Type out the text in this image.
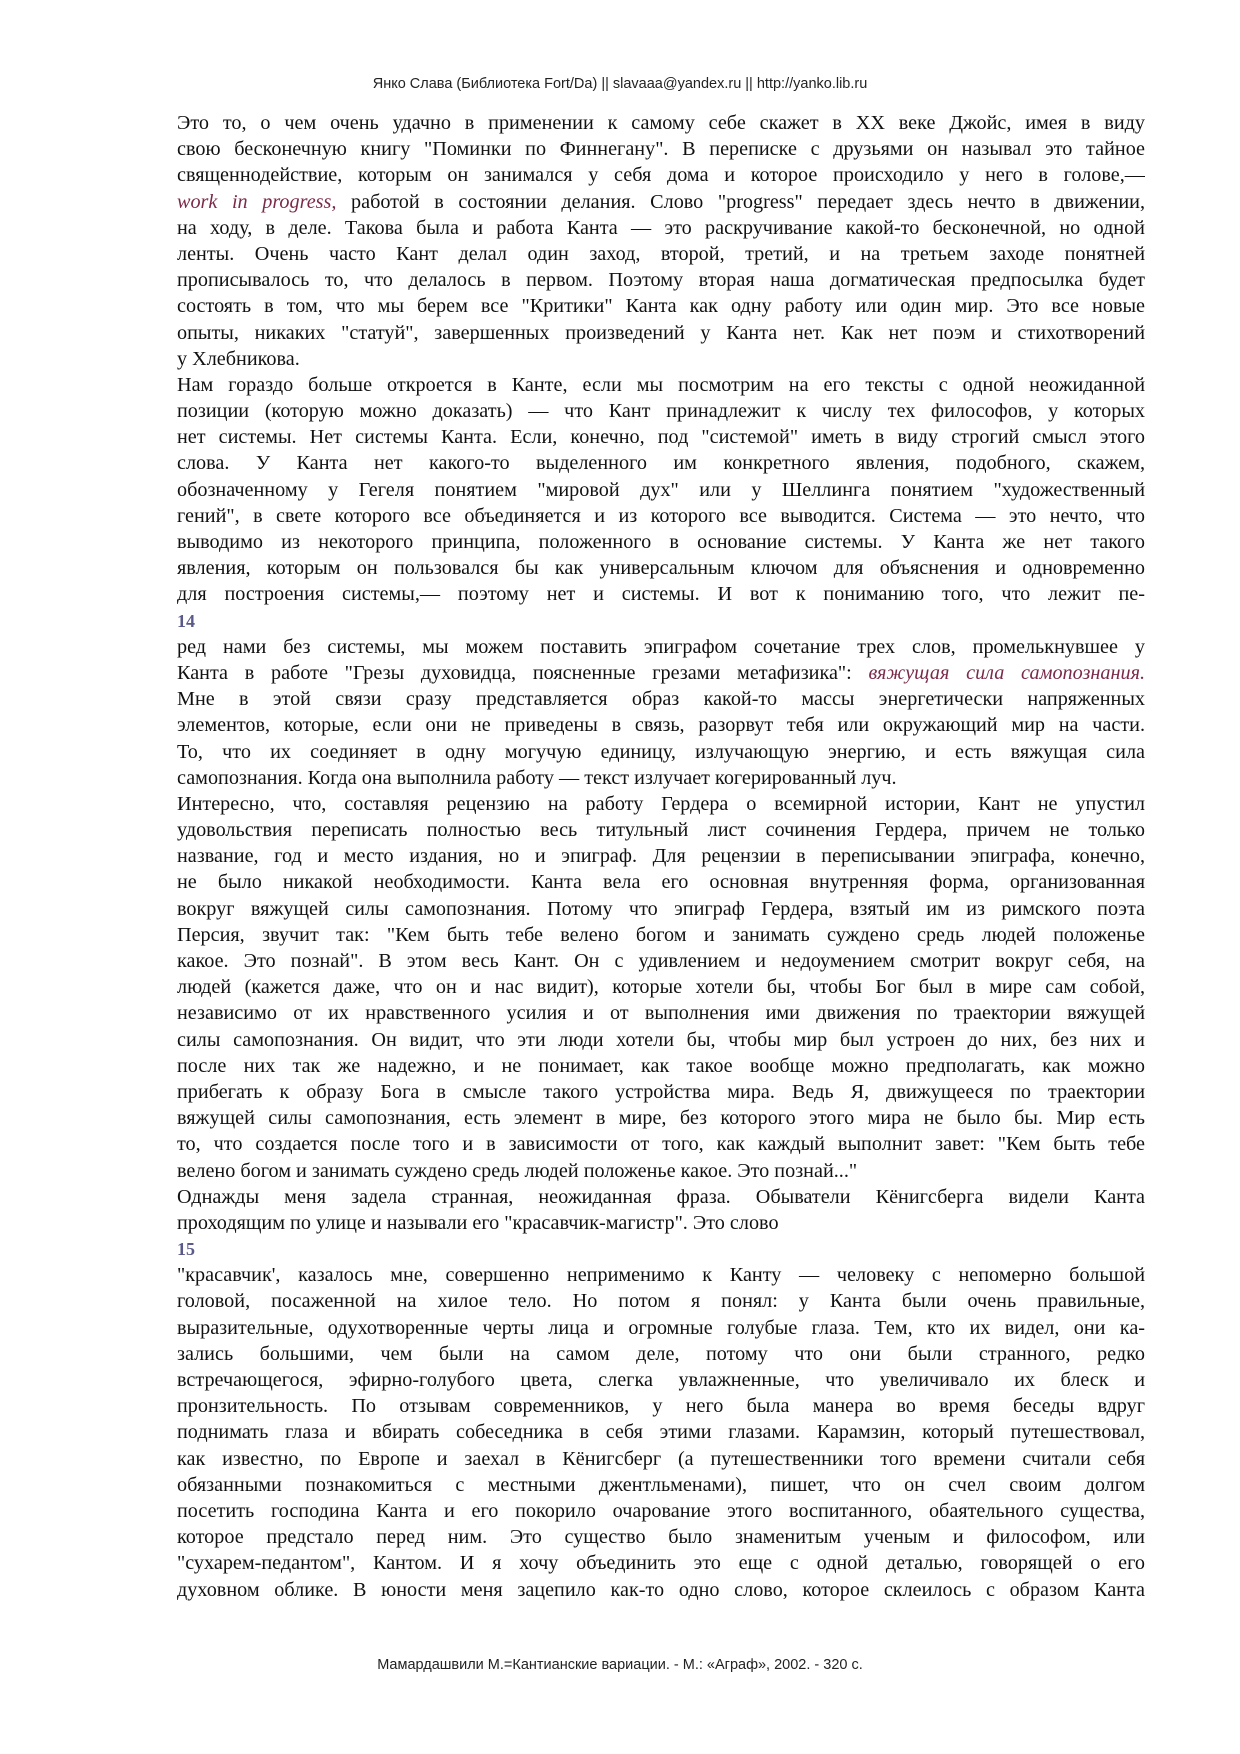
Янко Слава (Библиотека Fort/Da) || slavaaa@yandex.ru || http://yanko.lib.ru
Это то, о чем очень удачно в применении к самому себе скажет в XX веке Джойс, имея в виду
свою бесконечную книгу "Поминки по Финнегану". В переписке с друзьями он называл это тайное
священнодействие, которым он занимался у себя дома и которое происходило у него в голове,—
work in progress, работой в состоянии делания. Слово "progress" передает здесь нечто в движении,
на ходу, в деле. Такова была и работа Канта — это раскручивание какой-то бесконечной, но одной
ленты. Очень часто Кант делал один заход, второй, третий, и на третьем заходе понятней
прописывалось то, что делалось в первом. Поэтому вторая наша догматическая предпосылка будет
состоять в том, что мы берем все "Критики" Канта как одну работу или один мир. Это все новые
опыты, никаких "статуй", завершенных произведений у Канта нет. Как нет поэм и стихотворений
у Хлебникова.
Нам гораздо больше откроется в Канте, если мы посмотрим на его тексты с одной неожиданной
позиции (которую можно доказать) — что Кант принадлежит к числу тех философов, у которых
нет системы. Нет системы Канта. Если, конечно, под "системой" иметь в виду строгий смысл этого
слова. У Канта нет какого-то выделенного им конкретного явления, подобного, скажем,
обозначенному у Гегеля понятием "мировой дух" или у Шеллинга понятием "художественный
гений", в свете которого все объединяется и из которого все выводится. Система — это нечто, что
выводимо из некоторого принципа, положенного в основание системы. У Канта же нет такого
явления, которым он пользовался бы как универсальным ключом для объяснения и одновременно
для построения системы,— поэтому нет и системы. И вот к пониманию того, что лежит пе-
14
ред нами без системы, мы можем поставить эпиграфом сочетание трех слов, промелькнувшее у
Канта в работе "Грезы духовидца, поясненные грезами метафизика": вяжущая сила самопознания.
Мне в этой связи сразу представляется образ какой-то массы энергетически напряженных
элементов, которые, если они не приведены в связь, разорвут тебя или окружающий мир на части.
То, что их соединяет в одну могучую единицу, излучающую энергию, и есть вяжущая сила
самопознания. Когда она выполнила работу — текст излучает когерированный луч.
Интересно, что, составляя рецензию на работу Гердера о всемирной истории, Кант не упустил
удовольствия переписать полностью весь титульный лист сочинения Гердера, причем не только
название, год и место издания, но и эпиграф. Для рецензии в переписывании эпиграфа, конечно,
не было никакой необходимости. Канта вела его основная внутренняя форма, организованная
вокруг вяжущей силы самопознания. Потому что эпиграф Гердера, взятый им из римского поэта
Персия, звучит так: "Кем быть тебе велено богом и занимать суждено средь людей положенье
какое. Это познай". В этом весь Кант. Он с удивлением и недоумением смотрит вокруг себя, на
людей (кажется даже, что он и нас видит), которые хотели бы, чтобы Бог был в мире сам собой,
независимо от их нравственного усилия и от выполнения ими движения по траектории вяжущей
силы самопознания. Он видит, что эти люди хотели бы, чтобы мир был устроен до них, без них и
после них так же надежно, и не понимает, как такое вообще можно предполагать, как можно
прибегать к образу Бога в смысле такого устройства мира. Ведь Я, движущееся по траектории
вяжущей силы самопознания, есть элемент в мире, без которого этого мира не было бы. Мир есть
то, что создается после того и в зависимости от того, как каждый выполнит завет: "Кем быть тебе
велено богом и занимать суждено средь людей положенье какое. Это познай..."
Однажды меня задела странная, неожиданная фраза. Обыватели Кёнигсберга видели Канта
проходящим по улице и называли его "красавчик-магистр". Это слово
15
"красавчик', казалось мне, совершенно неприменимо к Канту — человеку с непомерно большой
головой, посаженной на хилое тело. Но потом я понял: у Канта были очень правильные,
выразительные, одухотворенные черты лица и огромные голубые глаза. Тем, кто их видел, они ка-
зались большими, чем были на самом деле, потому что они были странного, редко
встречающегося, эфирно-голубого цвета, слегка увлажненные, что увеличивало их блеск и
пронзительность. По отзывам современников, у него была манера во время беседы вдруг
поднимать глаза и вбирать собеседника в себя этими глазами. Карамзин, который путешествовал,
как известно, по Европе и заехал в Кёнигсберг (а путешественники того времени считали себя
обязанными познакомиться с местными джентльменами), пишет, что он счел своим долгом
посетить господина Канта и его покорило очарование этого воспитанного, обаятельного существа,
которое предстало перед ним. Это существо было знаменитым ученым и философом, или
"сухарем-педантом", Кантом. И я хочу объединить это еще с одной деталью, говорящей о его
духовном облике. В юности меня зацепило как-то одно слово, которое склеилось с образом Канта
Мамардашвили М.=Кантианские вариации. - М.: «Аграф», 2002. - 320 с.
